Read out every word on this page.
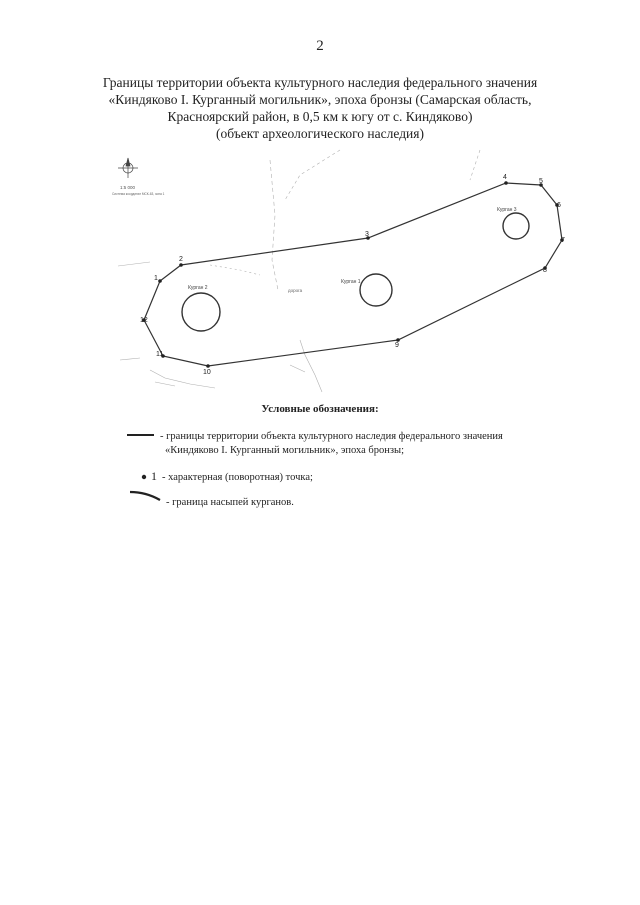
2
Границы территории объекта культурного наследия федерального значения
«Киндяково I. Курганный могильник», эпоха бронзы (Самарская область,
Красноярский район, в 0,5 км к югу от с. Киндяково)
(объект археологического наследия)
1:5 000
Система координат МСК-63, зона 1
Курган 2
Курган 1
Курган 3
дорога
1
2
3
4
5
6
7
8
9
10
11
12
Условные обозначения:
- границы территории объекта культурного наследия федерального значения
«Киндяково I. Курганный могильник», эпоха бронзы;
1 - характерная (поворотная) точка;
- граница насыпей курганов.
